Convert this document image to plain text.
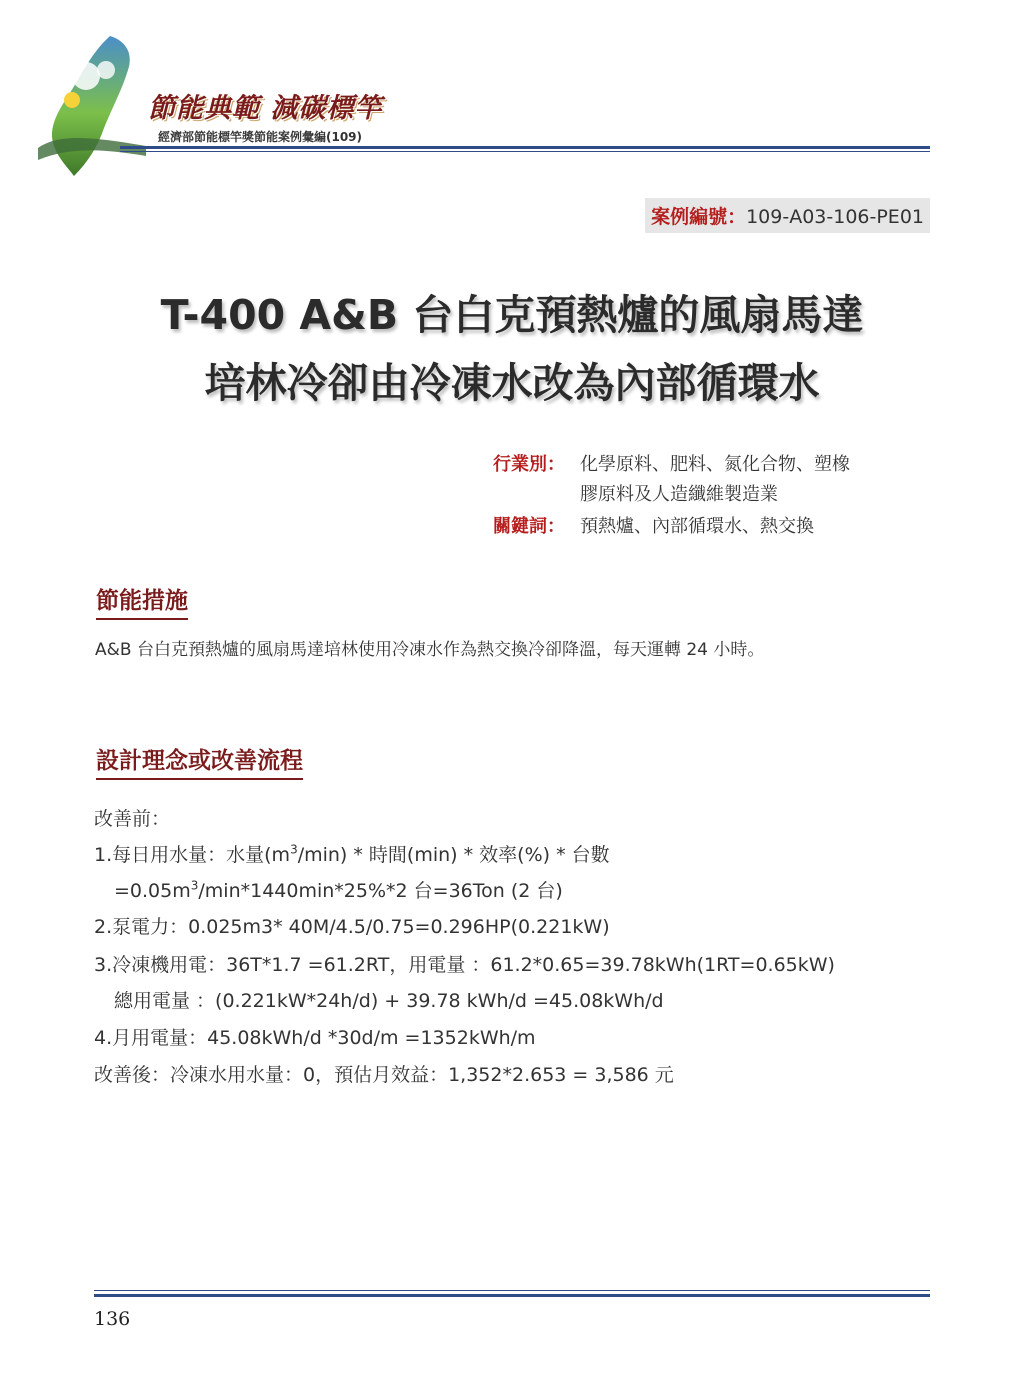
節能典範 減碳標竿
經濟部節能標竿獎節能案例彙編(109)
案例編號：109-A03-106-PE01
T-400 A&B 台白克預熱爐的風扇馬達
培林冷卻由冷凍水改為內部循環水
行業別： 化學原料、肥料、氮化合物、塑橡
膠原料及人造纖維製造業
關鍵詞： 預熱爐、內部循環水、熱交換
節能措施
A&B 台白克預熱爐的風扇馬達培林使用冷凍水作為熱交換冷卻降溫，每天運轉 24 小時。
設計理念或改善流程
改善前：
1.每日用水量：水量$(m^3/\min)$ * 時間(min) * 效率(%) * 台數
$=0.05m^3/\min*1440\min*25\%*2$ 台=36Ton (2 台)
2.泵電力：0.025m3* 40M/4.5/0.75=0.296HP(0.221kW)
3.冷凍機用電：36T*1.7 =61.2RT，用電量 ：61.2*0.65=39.78kWh(1RT=0.65kW)
總用電量 ：(0.221kW*24h/d) + 39.78 kWh/d =45.08kWh/d
4.月用電量：45.08kWh/d *30d/m =1352kWh/m
改善後：冷凍水用水量：0，預估月效益：1,352*2.653 = 3,586 元
136
